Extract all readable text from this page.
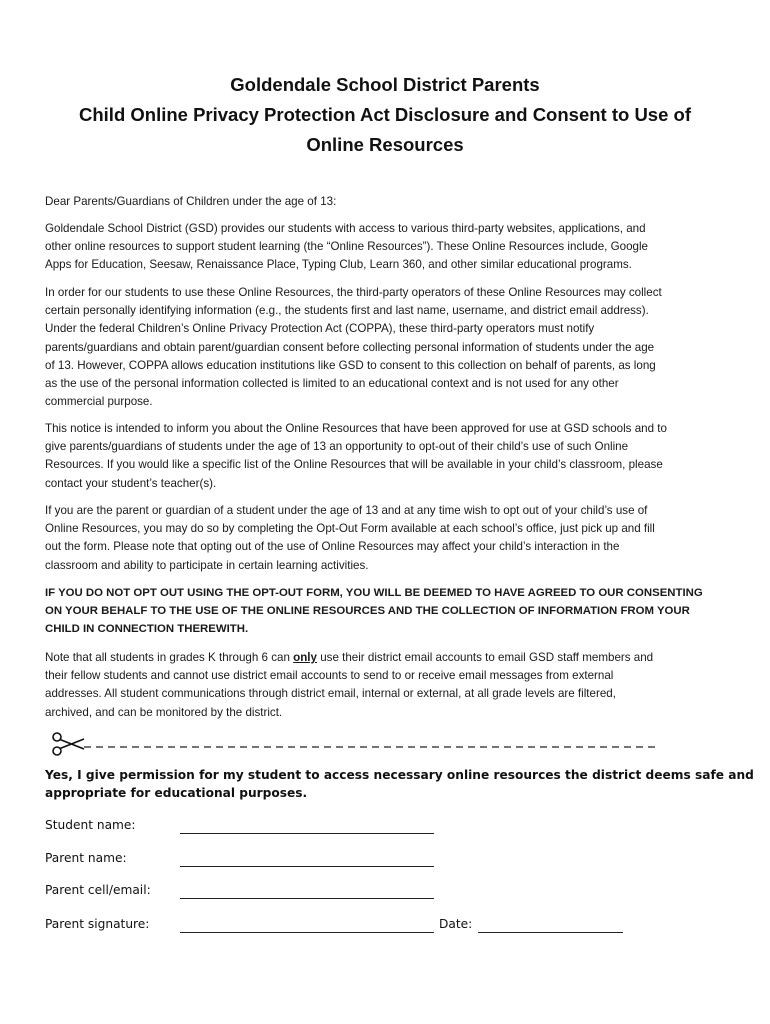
Goldendale School District Parents
Child Online Privacy Protection Act Disclosure and Consent to Use of
Online Resources
Dear Parents/Guardians of Children under the age of 13:
Goldendale School District (GSD) provides our students with access to various third-party websites, applications, and
other online resources to support student learning (the “Online Resources”). These Online Resources include, Google
Apps for Education, Seesaw, Renaissance Place, Typing Club, Learn 360, and other similar educational programs.
In order for our students to use these Online Resources, the third-party operators of these Online Resources may collect
certain personally identifying information (e.g., the students first and last name, username, and district email address).
Under the federal Children’s Online Privacy Protection Act (COPPA), these third-party operators must notify
parents/guardians and obtain parent/guardian consent before collecting personal information of students under the age
of 13. However, COPPA allows education institutions like GSD to consent to this collection on behalf of parents, as long
as the use of the personal information collected is limited to an educational context and is not used for any other
commercial purpose.
This notice is intended to inform you about the Online Resources that have been approved for use at GSD schools and to
give parents/guardians of students under the age of 13 an opportunity to opt-out of their child’s use of such Online
Resources. If you would like a specific list of the Online Resources that will be available in your child’s classroom, please
contact your student’s teacher(s).
If you are the parent or guardian of a student under the age of 13 and at any time wish to opt out of your child’s use of
Online Resources, you may do so by completing the Opt-Out Form available at each school’s office, just pick up and fill
out the form. Please note that opting out of the use of Online Resources may affect your child’s interaction in the
classroom and ability to participate in certain learning activities.
IF YOU DO NOT OPT OUT USING THE OPT-OUT FORM, YOU WILL BE DEEMED TO HAVE AGREED TO OUR CONSENTING
ON YOUR BEHALF TO THE USE OF THE ONLINE RESOURCES AND THE COLLECTION OF INFORMATION FROM YOUR
CHILD IN CONNECTION THEREWITH.
Note that all students in grades K through 6 can only use their district email accounts to email GSD staff members and
their fellow students and cannot use district email accounts to send to or receive email messages from external
addresses. All student communications through district email, internal or external, at all grade levels are filtered,
archived, and can be monitored by the district.
Yes, I give permission for my student to access necessary online resources the district deems safe and
appropriate for educational purposes.
Student name:
Parent name:
Parent cell/email:
Parent signature:	Date:
